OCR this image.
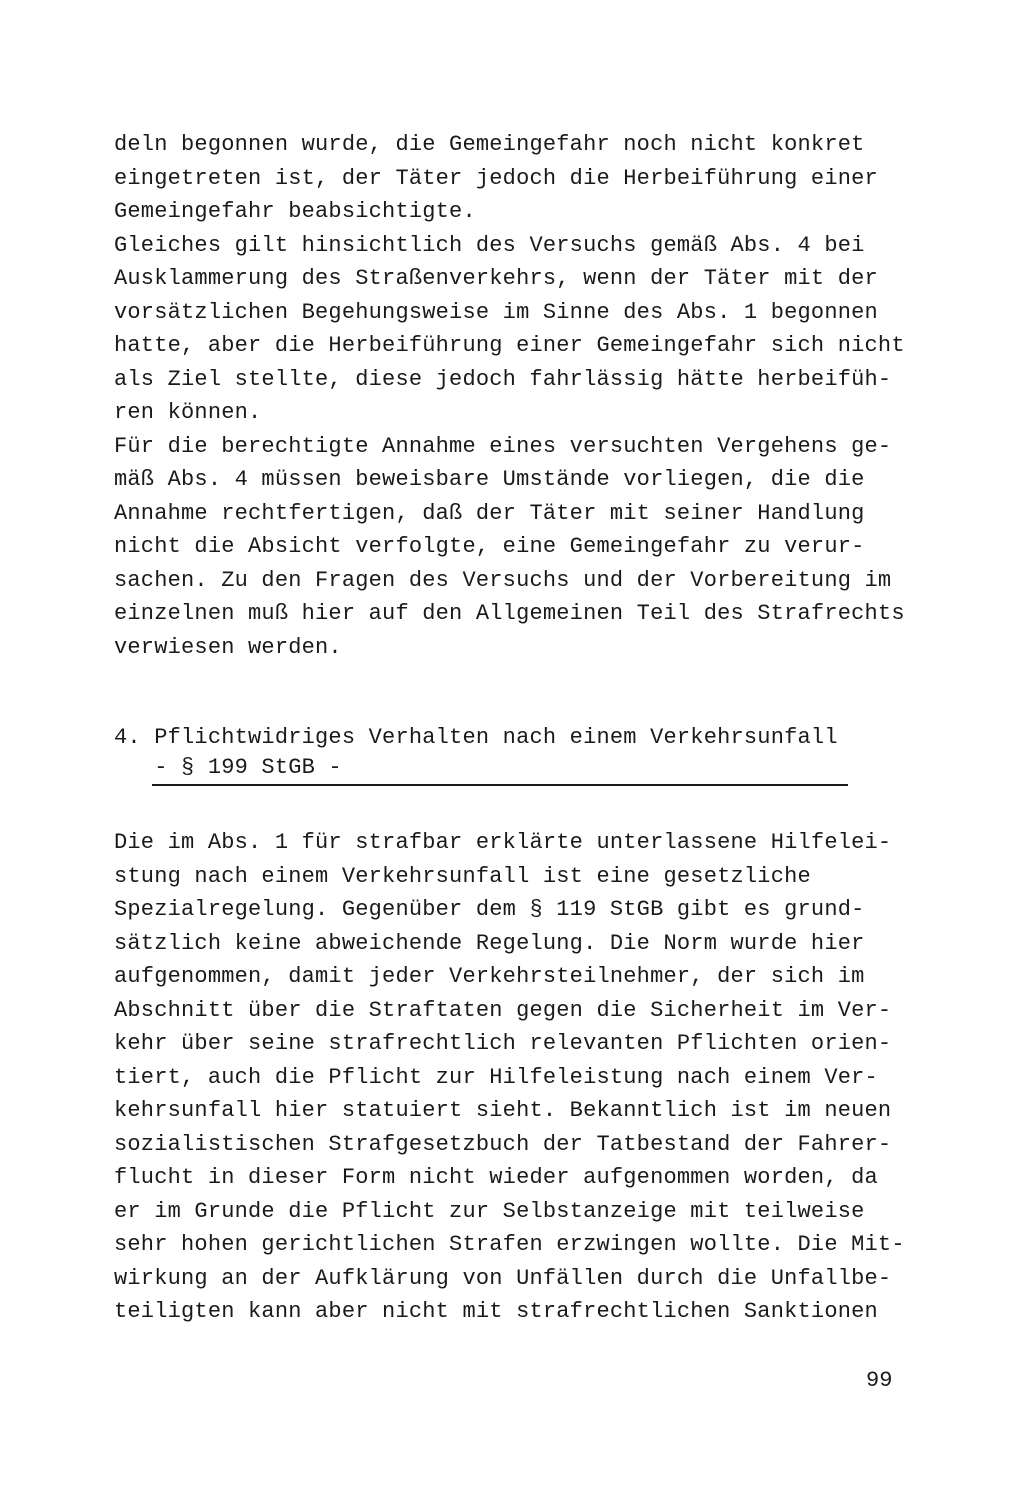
deln begonnen wurde, die Gemeingefahr noch nicht konkret
eingetreten ist, der Täter jedoch die Herbeiführung einer
Gemeingefahr beabsichtigte.
Gleiches gilt hinsichtlich des Versuchs gemäß Abs. 4 bei
Ausklammerung des Straßenverkehrs, wenn der Täter mit der
vorsätzlichen Begehungsweise im Sinne des Abs. 1 begonnen
hatte, aber die Herbeiführung einer Gemeingefahr sich nicht
als Ziel stellte, diese jedoch fahrlässig hätte herbeifüh-
ren können.
Für die berechtigte Annahme eines versuchten Vergehens ge-
mäß Abs. 4 müssen beweisbare Umstände vorliegen, die die
Annahme rechtfertigen, daß der Täter mit seiner Handlung
nicht die Absicht verfolgte, eine Gemeingefahr zu verur-
sachen. Zu den Fragen des Versuchs und der Vorbereitung im
einzelnen muß hier auf den Allgemeinen Teil des Strafrechts
verwiesen werden.
4. Pflichtwidriges Verhalten nach einem Verkehrsunfall
- § 199 StGB -
Die im Abs. 1 für strafbar erklärte unterlassene Hilfelei-
stung nach einem Verkehrsunfall ist eine gesetzliche
Spezialregelung. Gegenüber dem § 119 StGB gibt es grund-
sätzlich keine abweichende Regelung. Die Norm wurde hier
aufgenommen, damit jeder Verkehrsteilnehmer, der sich im
Abschnitt über die Straftaten gegen die Sicherheit im Ver-
kehr über seine strafrechtlich relevanten Pflichten orien-
tiert, auch die Pflicht zur Hilfeleistung nach einem Ver-
kehrsunfall hier statuiert sieht. Bekanntlich ist im neuen
sozialistischen Strafgesetzbuch der Tatbestand der Fahrer-
flucht in dieser Form nicht wieder aufgenommen worden, da
er im Grunde die Pflicht zur Selbstanzeige mit teilweise
sehr hohen gerichtlichen Strafen erzwingen wollte. Die Mit-
wirkung an der Aufklärung von Unfällen durch die Unfallbe-
teiligten kann aber nicht mit strafrechtlichen Sanktionen
99
